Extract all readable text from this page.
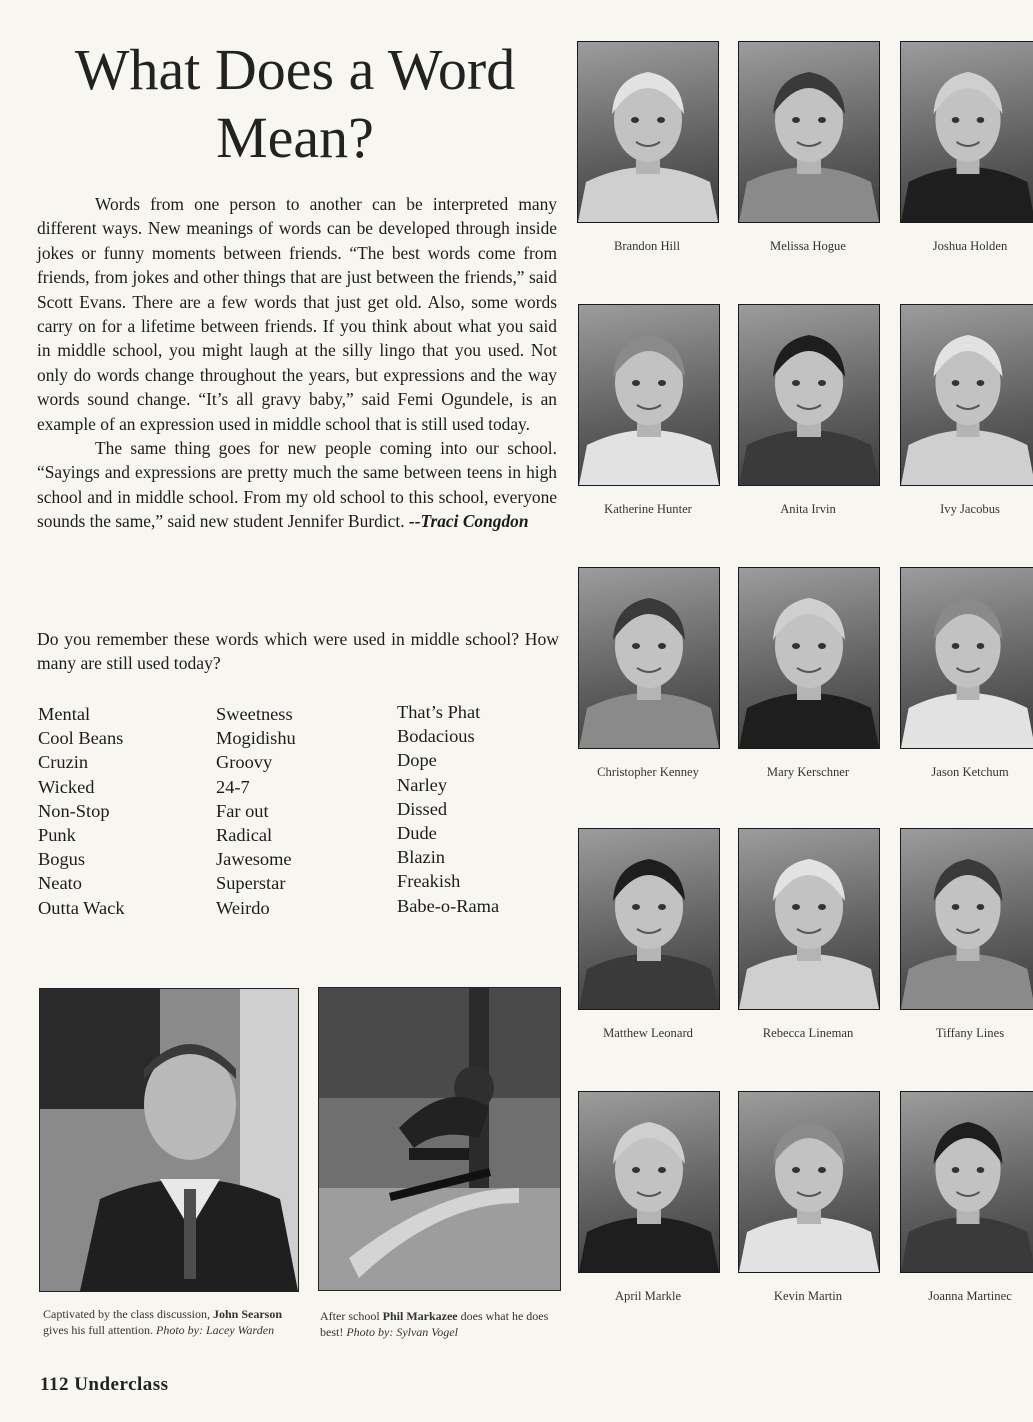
What Does a Word Mean?

Words from one person to another can be interpreted many different ways. New meanings of words can be developed through inside jokes or funny moments between friends. “The best words come from friends, from jokes and other things that are just between the friends,” said Scott Evans. There are a few words that just get old. Also, some words carry on for a lifetime between friends. If you think about what you said in middle school, you might laugh at the silly lingo that you used. Not only do words change throughout the years, but expressions and the way words sound change. “It’s all gravy baby,” said Femi Ogundele, is an example of an expression used in middle school that is still used today.

The same thing goes for new people coming into our school. “Sayings and expressions are pretty much the same between teens in high school and in middle school. From my old school to this school, everyone sounds the same,” said new student Jennifer Burdict. --Traci Congdon

Do you remember these words which were used in middle school? How many are still used today?
Mental
Cool Beans
Cruzin
Wicked
Non-Stop
Punk
Bogus
Neato
Outta Wack
Sweetness
Mogidishu
Groovy
24-7
Far out
Radical
Jawesome
Superstar
Weirdo
That’s Phat
Bodacious
Dope
Narley
Dissed
Dude
Blazin
Freakish
Babe-o-Rama
Captivated by the class discussion, John Searson gives his full attention. Photo by: Lacey Warden
After school Phil Markazee does what he does best! Photo by: Sylvan Vogel
Brandon Hill	Melissa Hogue	Joshua Holden
Katherine Hunter	Anita Irvin	Ivy Jacobus
Christopher Kenney	Mary Kerschner	Jason Ketchum
Matthew Leonard	Rebecca Lineman	Tiffany Lines
April Markle	Kevin Martin	Joanna Martinec
112 Underclass
